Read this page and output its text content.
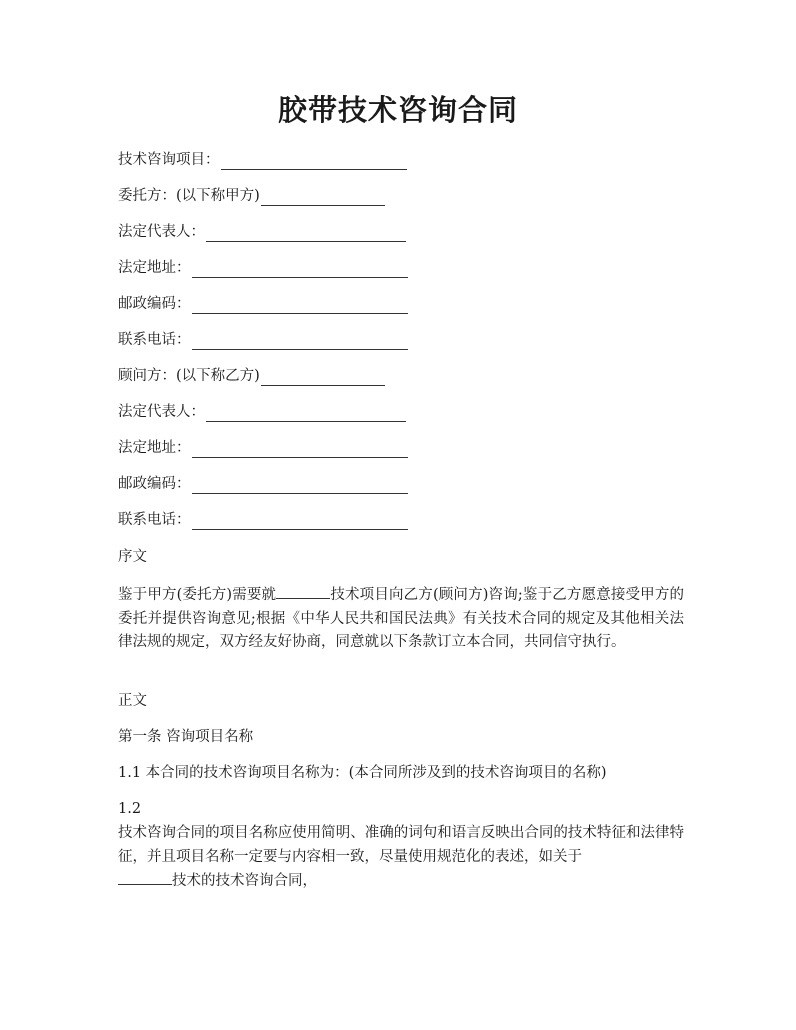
胶带技术咨询合同
技术咨询项目：
委托方：(以下称甲方)
法定代表人：
法定地址：
邮政编码：
联系电话：
顾问方：(以下称乙方)
法定代表人：
法定地址：
邮政编码：
联系电话：
序文

鉴于甲方(委托方)需要就	技术项目向乙方(顾问方)咨询;鉴于乙方愿意接受甲方的委托并提供咨询意见;根据《中华人民共和国民法典》有关技术合同的规定及其他相关法律法规的规定，双方经友好协商，同意就以下条款订立本合同，共同信守执行。

正文
第一条 咨询项目名称
1.1 本合同的技术咨询项目名称为：(本合同所涉及到的技术咨询项目的名称)
1.2

技术咨询合同的项目名称应使用简明、准确的词句和语言反映出合同的技术特征和法律特征，并且项目名称一定要与内容相一致，尽量使用规范化的表述，如关于
技术的技术咨询合同，
